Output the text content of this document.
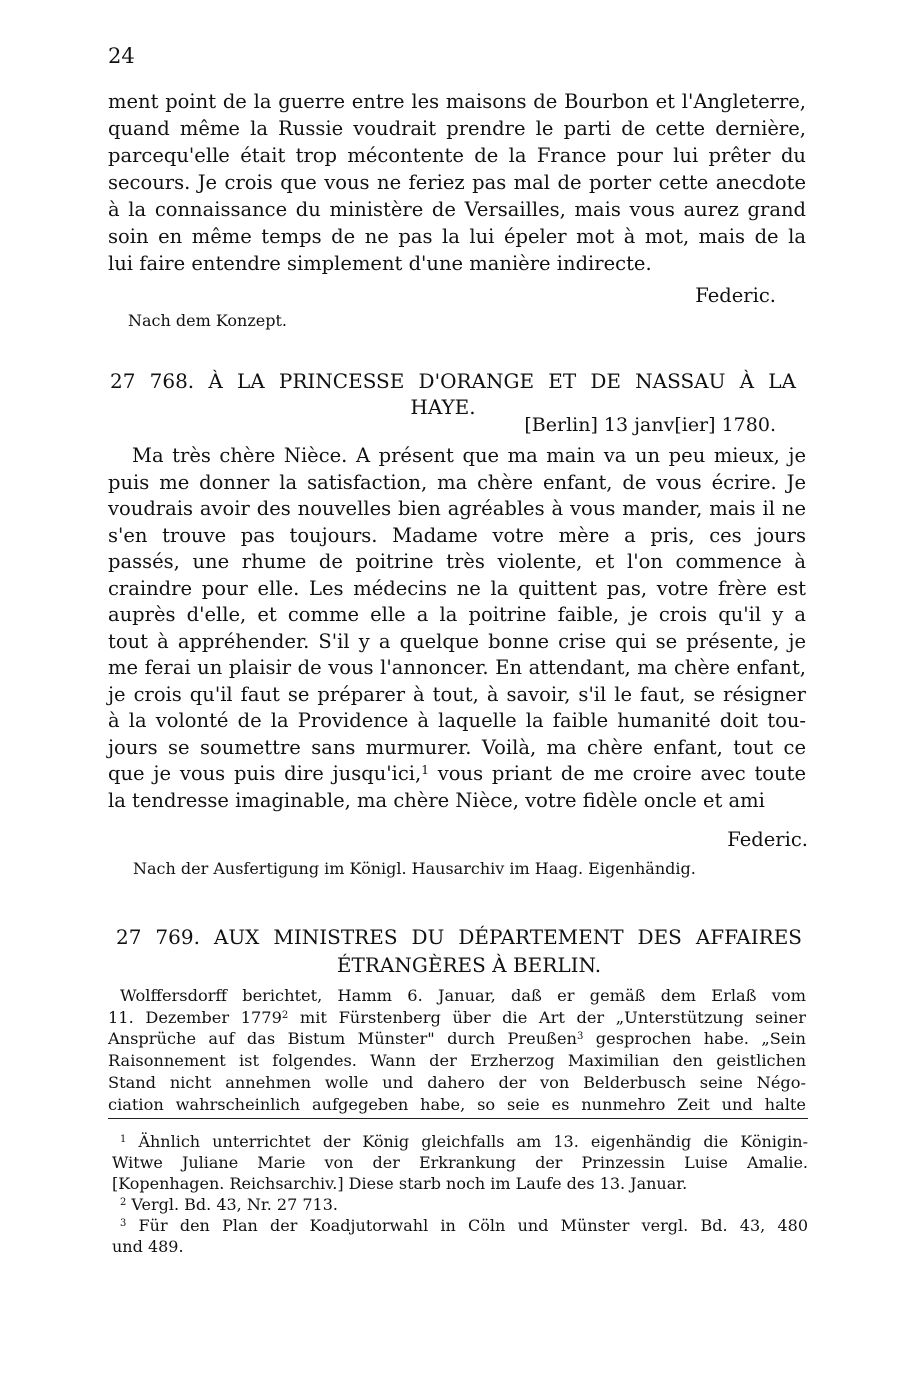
24

ment point de la guerre entre les maisons de Bourbon et l'Angleterre,

quand même la Russie voudrait prendre le parti de cette dernière,

parcequ'elle était trop mécontente de la France pour lui prêter du

secours. Je crois que vous ne feriez pas mal de porter cette anecdote

à la connaissance du ministère de Versailles, mais vous aurez grand

soin en même temps de ne pas la lui épeler mot à mot, mais de la

lui faire entendre simplement d'une manière indirecte.

Federic.
Nach dem Konzept.
27 768. À LA PRINCESSE D'ORANGE ET DE NASSAU À LA
HAYE.
[Berlin] 13 janv[ier] 1780.

Ma très chère Nièce. A présent que ma main va un peu mieux, je

puis me donner la satisfaction, ma chère enfant, de vous écrire. Je

voudrais avoir des nouvelles bien agréables à vous mander, mais il ne

s'en trouve pas toujours. Madame votre mère a pris, ces jours

passés, une rhume de poitrine très violente, et l'on commence à

craindre pour elle. Les médecins ne la quittent pas, votre frère est

auprès d'elle, et comme elle a la poitrine faible, je crois qu'il y a

tout à appréhender. S'il y a quelque bonne crise qui se présente, je

me ferai un plaisir de vous l'annoncer. En attendant, ma chère enfant,

je crois qu'il faut se préparer à tout, à savoir, s'il le faut, se résigner

à la volonté de la Providence à laquelle la faible humanité doit tou-

jours se soumettre sans murmurer. Voilà, ma chère enfant, tout ce

que je vous puis dire jusqu'ici,$^1$ vous priant de me croire avec toute

la tendresse imaginable, ma chère Nièce, votre fidèle oncle et ami

Federic.
Nach der Ausfertigung im Königl. Hausarchiv im Haag. Eigenhändig.
27 769. AUX MINISTRES DU DÉPARTEMENT DES AFFAIRES
ÉTRANGÈRES À BERLIN.

Wolffersdorff berichtet, Hamm 6. Januar, daß er gemäß dem Erlaß vom

11. Dezember 1779$^2$ mit Fürstenberg über die Art der „Unterstützung seiner

Ansprüche auf das Bistum Münster" durch Preußen$^3$ gesprochen habe. „Sein

Raisonnement ist folgendes. Wann der Erzherzog Maximilian den geistlichen

Stand nicht annehmen wolle und dahero der von Belderbusch seine Négo-

ciation wahrscheinlich aufgegeben habe, so seie es nunmehro Zeit und halte

$^1$ Ähnlich unterrichtet der König gleichfalls am 13. eigenhändig die Königin-

Witwe Juliane Marie von der Erkrankung der Prinzessin Luise Amalie.

[Kopenhagen. Reichsarchiv.] Diese starb noch im Laufe des 13. Januar.

$^2$ Vergl. Bd. 43, Nr. 27 713.

$^3$ Für den Plan der Koadjutorwahl in Cöln und Münster vergl. Bd. 43, 480

und 489.
